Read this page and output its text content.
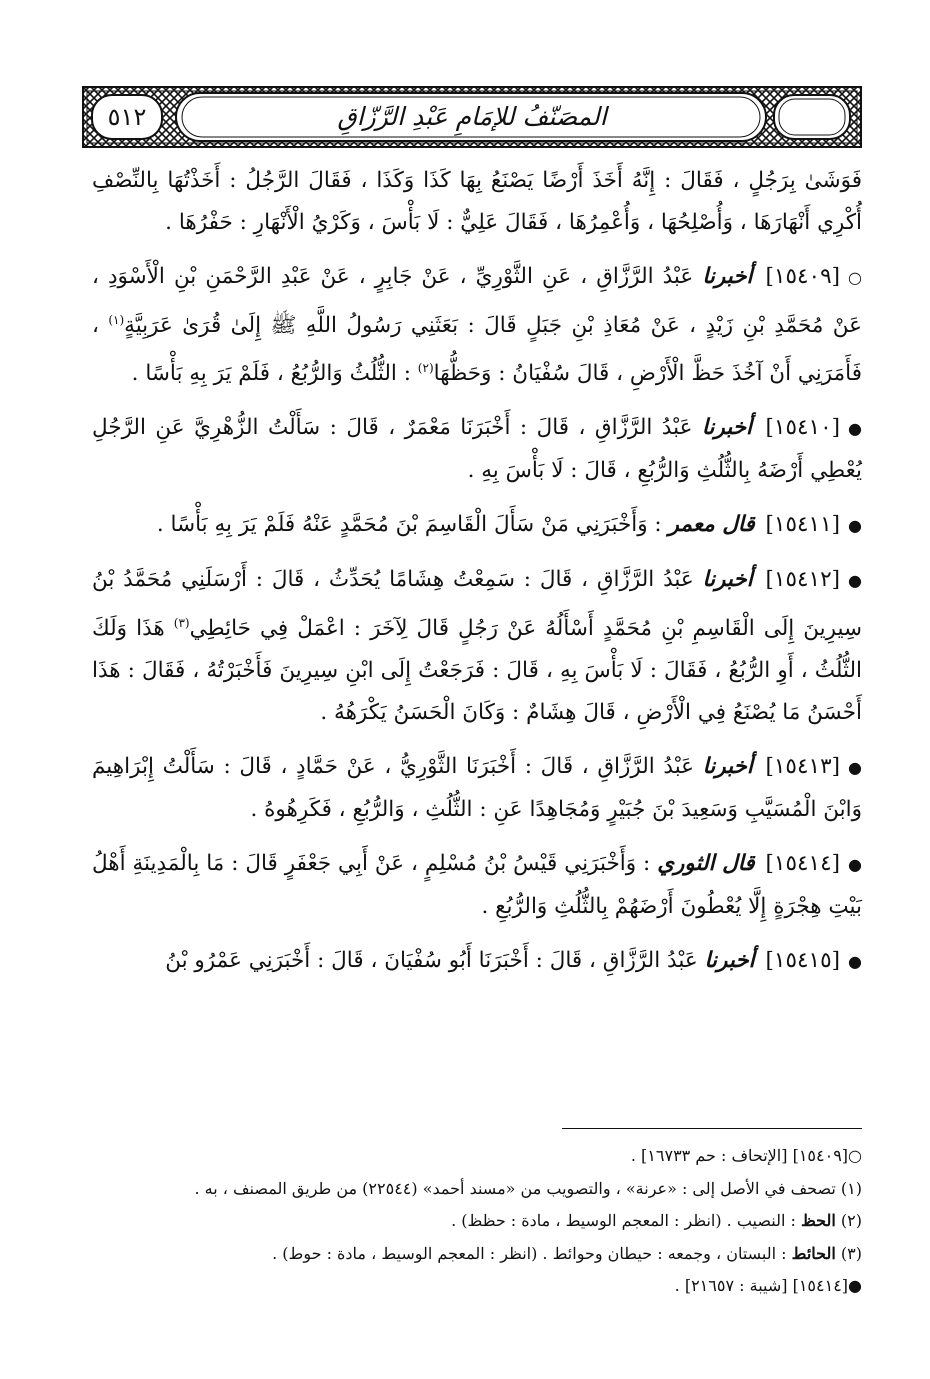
٥١٢	المصَنّفُ للإمَامِ عَبْدِ الرَّزّاقِ

فَوَشَىٰ بِرَجُلٍ ، فَقَالَ : إِنَّهُ أَخَذَ أَرْضًا يَصْنَعُ بِهَا كَذَا وَكَذَا ، فَقَالَ الرَّجُلُ : أَخَذْتُهَا بِالنِّصْفِ أُكْرِي أَنْهَارَهَا ، وَأُصْلِحُهَا ، وَأُعْمِرُهَا ، فَقَالَ عَلِيٌّ : لَا بَأْسَ ، وَكَرْيُ الْأَنْهَارِ : حَفْرُهَا .

○[١٥٤٠٩] أخبرنا عَبْدُ الرَّزَّاقِ ، عَنِ الثَّوْرِيِّ ، عَنْ جَابِرٍ ، عَنْ عَبْدِ الرَّحْمَنِ بْنِ الْأَسْوَدِ ، عَنْ مُحَمَّدِ بْنِ زَيْدٍ ، عَنْ مُعَاذِ بْنِ جَبَلٍ قَالَ : بَعَثَنِي رَسُولُ اللَّهِ ﷺ إِلَىٰ قُرَىٰ عَرَبِيَّةٍ$^{(١)}$ ، فَأَمَرَنِي أَنْ آخُذَ حَظَّ الْأَرْضِ ، قَالَ سُفْيَانُ : وَحَظُّهَا$^{(٢)}$ : الثُّلُثُ وَالرُّبُعُ ، فَلَمْ يَرَ بِهِ بَأْسًا .

●[١٥٤١٠] أخبرنا عَبْدُ الرَّزَّاقِ ، قَالَ : أَخْبَرَنَا مَعْمَرٌ ، قَالَ : سَأَلْتُ الزُّهْرِيَّ عَنِ الرَّجُلِ يُعْطِي أَرْضَهُ بِالثُّلُثِ وَالرُّبُعِ ، قَالَ : لَا بَأْسَ بِهِ .

●[١٥٤١١] قال معمر : وَأَخْبَرَنِي مَنْ سَأَلَ الْقَاسِمَ بْنَ مُحَمَّدٍ عَنْهُ فَلَمْ يَرَ بِهِ بَأْسًا .

●[١٥٤١٢] أخبرنا عَبْدُ الرَّزَّاقِ ، قَالَ : سَمِعْتُ هِشَامًا يُحَدِّثُ ، قَالَ : أَرْسَلَنِي مُحَمَّدُ بْنُ سِيرِينَ إِلَى الْقَاسِمِ بْنِ مُحَمَّدٍ أَسْأَلُهُ عَنْ رَجُلٍ قَالَ لِآخَرَ : اعْمَلْ فِي حَائِطِي$^{(٣)}$ هَذَا وَلَكَ الثُّلُثُ ، أَوِ الرُّبُعُ ، فَقَالَ : لَا بَأْسَ بِهِ ، قَالَ : فَرَجَعْتُ إِلَى ابْنِ سِيرِينَ فَأَخْبَرْتُهُ ، فَقَالَ : هَذَا أَحْسَنُ مَا يُصْنَعُ فِي الْأَرْضِ ، قَالَ هِشَامٌ : وَكَانَ الْحَسَنُ يَكْرَهُهُ .

●[١٥٤١٣] أخبرنا عَبْدُ الرَّزَّاقِ ، قَالَ : أَخْبَرَنَا الثَّوْرِيُّ ، عَنْ حَمَّادٍ ، قَالَ : سَأَلْتُ إِبْرَاهِيمَ وَابْنَ الْمُسَيَّبِ وَسَعِيدَ بْنَ جُبَيْرٍ وَمُجَاهِدًا عَنِ : الثُّلُثِ ، وَالرُّبُعِ ، فَكَرِهُوهُ .

●[١٥٤١٤] قال الثوري : وَأَخْبَرَنِي قَيْسُ بْنُ مُسْلِمٍ ، عَنْ أَبِي جَعْفَرٍ قَالَ : مَا بِالْمَدِينَةِ أَهْلُ بَيْتِ هِجْرَةٍ إِلَّا يُعْطُونَ أَرْضَهُمْ بِالثُّلُثِ وَالرُّبُعِ .

●[١٥٤١٥] أخبرنا عَبْدُ الرَّزَّاقِ ، قَالَ : أَخْبَرَنَا أَبُو سُفْيَانَ ، قَالَ : أَخْبَرَنِي عَمْرُو بْنُ

○[١٥٤٠٩] [الإتحاف : حم ١٦٧٣٣] .

(١) تصحف في الأصل إلى : «عرنة» ، والتصويب من «مسند أحمد» (٢٢٥٤٤) من طريق المصنف ، به .

(٢) الحظ : النصيب . (انظر : المعجم الوسيط ، مادة : حظظ) .

(٣) الحائط : البستان ، وجمعه : حيطان وحوائط . (انظر : المعجم الوسيط ، مادة : حوط) .

●[١٥٤١٤] [شيبة : ٢١٦٥٧] .
